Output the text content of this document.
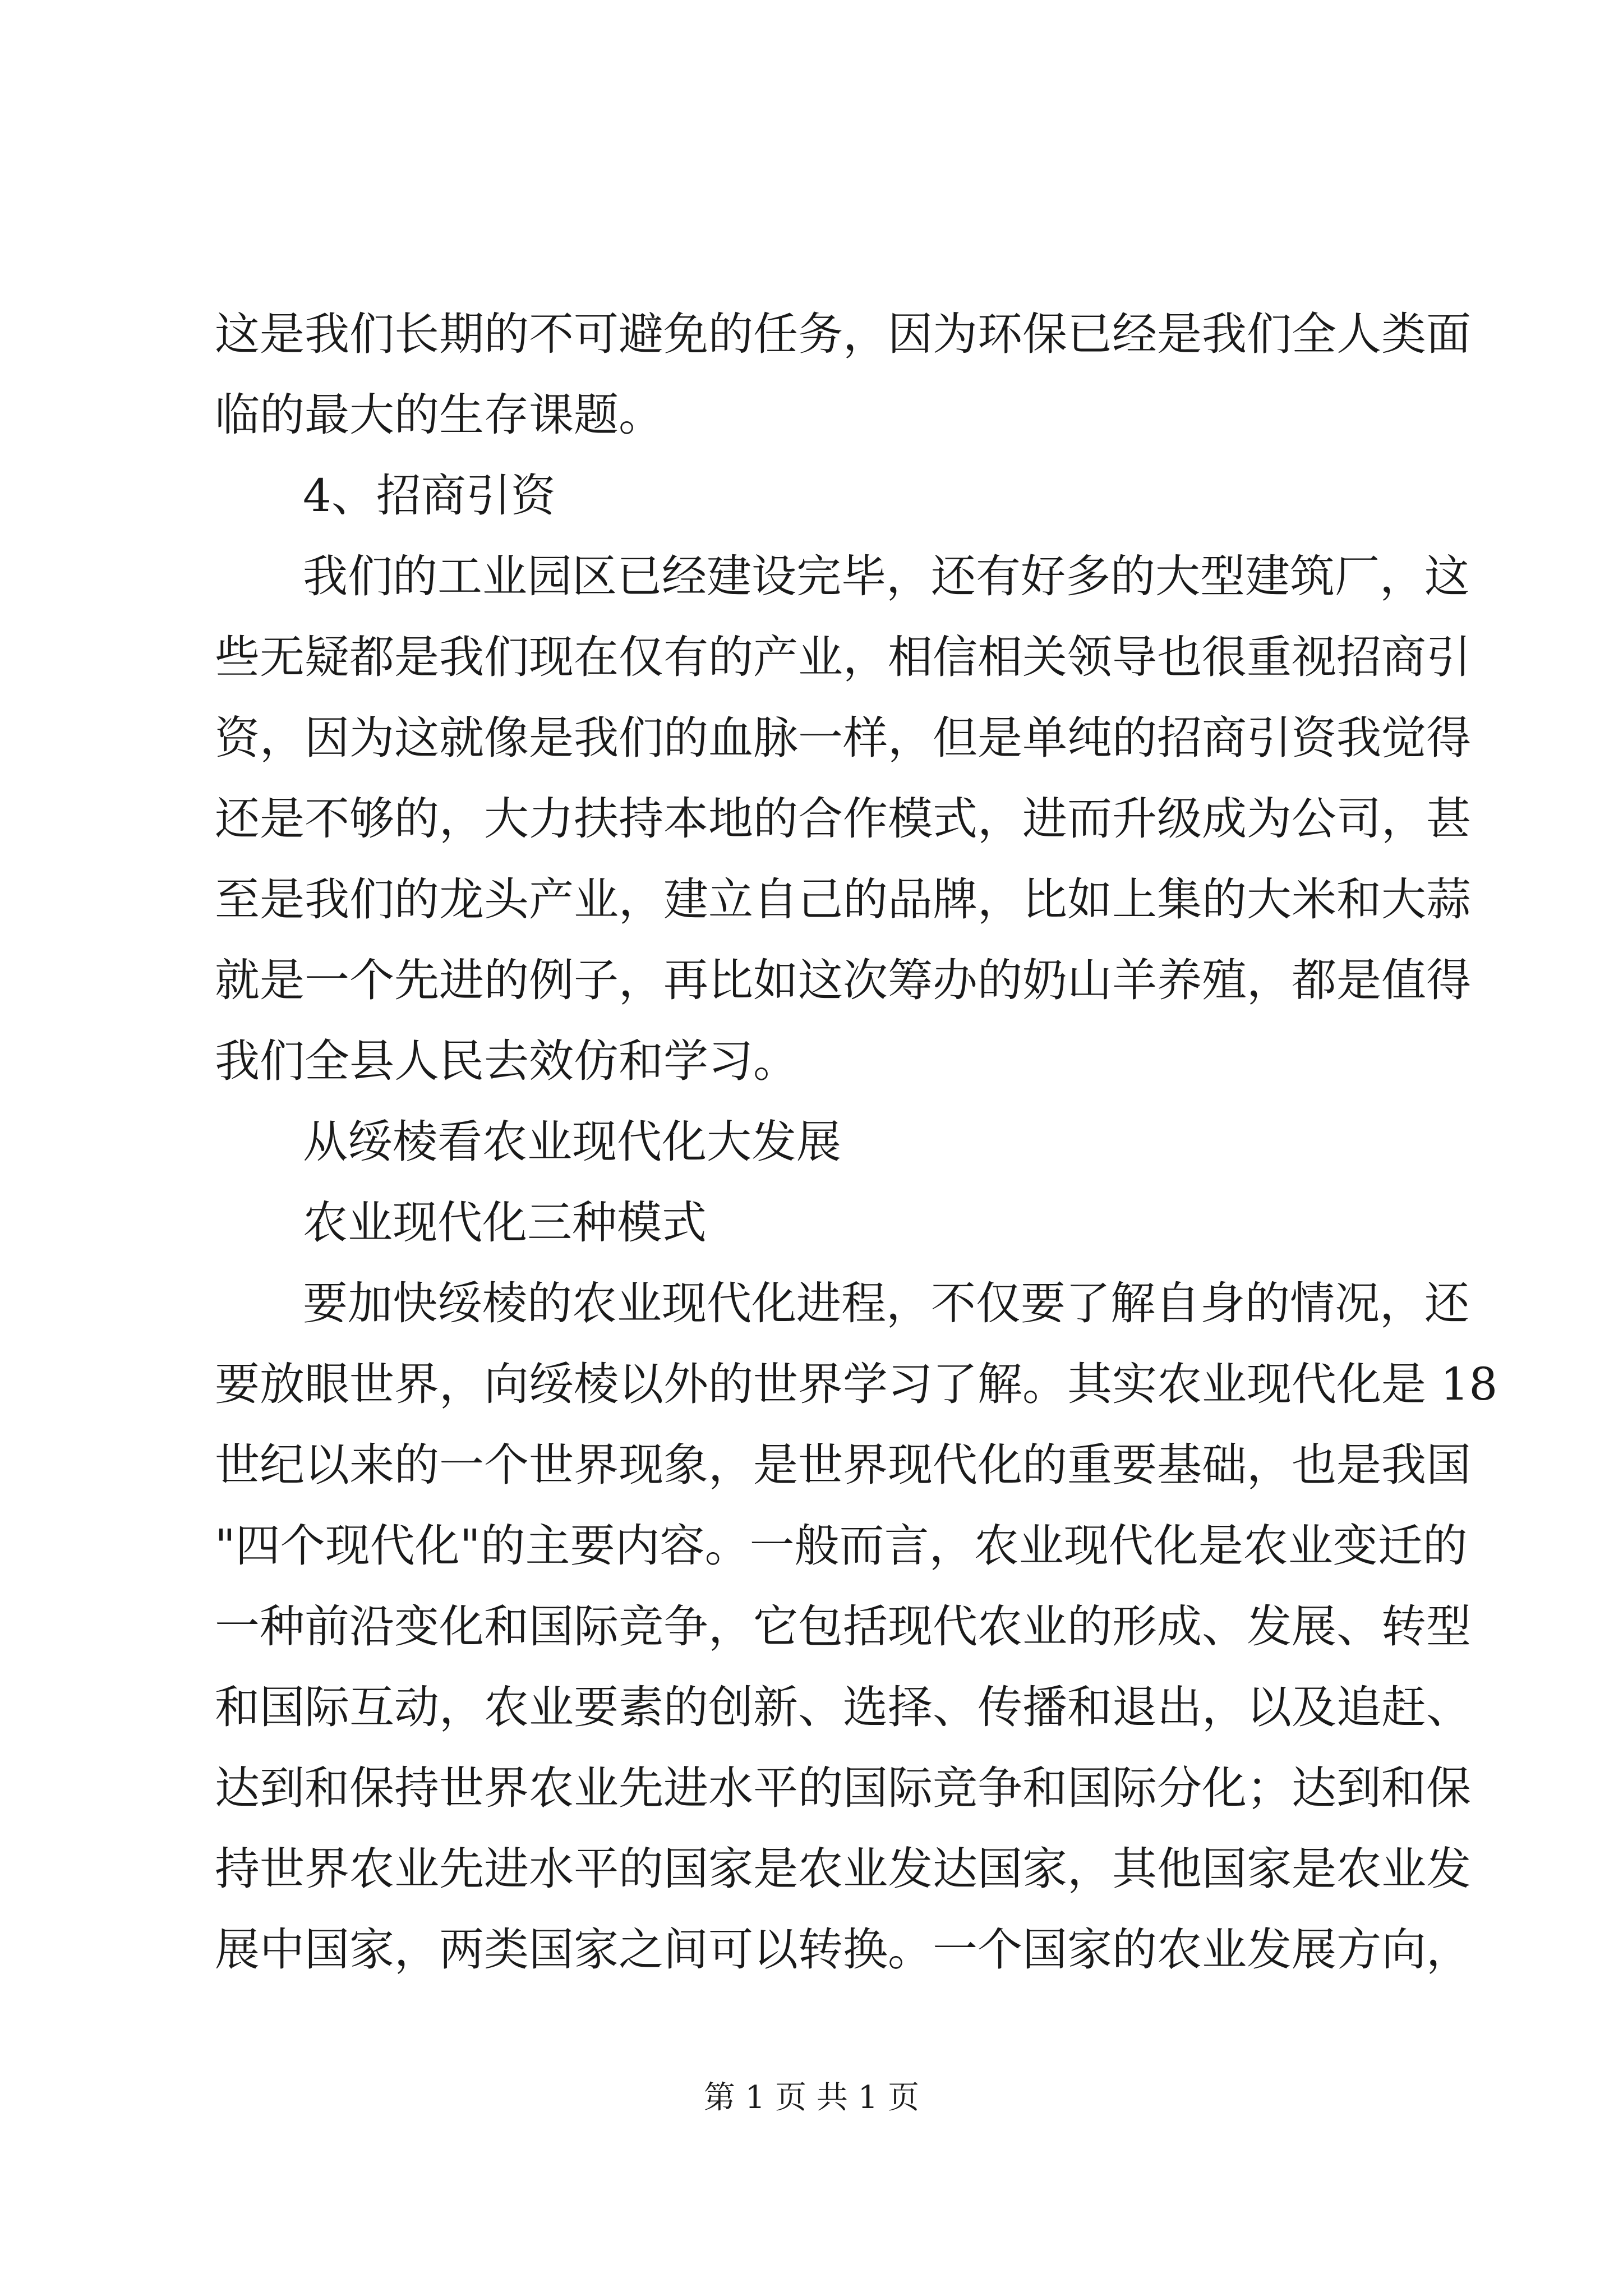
这是我们长期的不可避免的任务，因为环保已经是我们全人类面
临的最大的生存课题。
4、招商引资
我们的工业园区已经建设完毕，还有好多的大型建筑厂，这
些无疑都是我们现在仅有的产业，相信相关领导也很重视招商引
资，因为这就像是我们的血脉一样，但是单纯的招商引资我觉得
还是不够的，大力扶持本地的合作模式，进而升级成为公司，甚
至是我们的龙头产业，建立自己的品牌，比如上集的大米和大蒜
就是一个先进的例子，再比如这次筹办的奶山羊养殖，都是值得
我们全县人民去效仿和学习。
从绥棱看农业现代化大发展
农业现代化三种模式
要加快绥棱的农业现代化进程，不仅要了解自身的情况，还
要放眼世界，向绥棱以外的世界学习了解。其实农业现代化是 18
世纪以来的一个世界现象，是世界现代化的重要基础，也是我国
"四个现代化"的主要内容。一般而言，农业现代化是农业变迁的
一种前沿变化和国际竞争，它包括现代农业的形成、发展、转型
和国际互动，农业要素的创新、选择、传播和退出，以及追赶、
达到和保持世界农业先进水平的国际竞争和国际分化；达到和保
持世界农业先进水平的国家是农业发达国家，其他国家是农业发
展中国家，两类国家之间可以转换。一个国家的农业发展方向，
第 1 页 共 1 页
